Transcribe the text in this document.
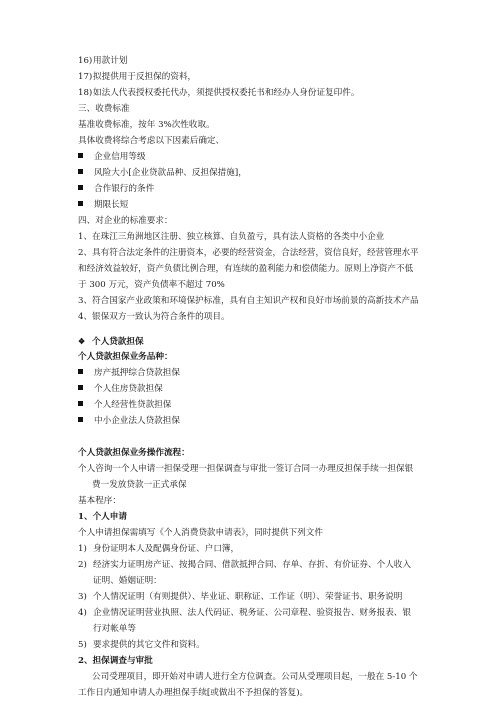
16)用款计划
17)拟提供用于反担保的资料，
18)如法人代表授权委托代办，须提供授权委托书和经办人身份证复印件。
三、收费标准
基准收费标准，按年 3%次性收取。
具体收费将综合考虑以下因素后确定、
企业信用等级
风险大小[企业贷款品种、反担保措施]，
合作银行的条件
期限长短
四、对企业的标准要求：
1、在珠江三角洲地区注册、独立核算、自负盈亏，具有法人资格的各类中小企业
2、具有符合法定条件的注册资本，必要的经营资金，合法经营，资信良好，经营管理水平
和经济效益较好，资产负债比例合理，有连续的盈利能力和偿债能力。原则上净资产不低
于 300 万元，资产负债率不超过 70%
3、符合国家产业政策和环境保护标准，具有自主知识产权和良好市场前景的高新技术产品
4、银保双方一致认为符合条件的项目。
❖ 个人贷款担保
个人贷款担保业务品种：
房产抵押综合贷款担保
个人住房贷款担保
个人经营性贷款担保
中小企业法人贷款担保
个人贷款担保业务操作流程：
个人咨询一个人申请一担保受理一担保调查与审批一签订合同一办理反担保手续一担保银
费一发放贷款一正式承保
基本程序：
1、个人申请
个人申请担保需填写《个人消费贷款申请表》，同时提供下列文件
1) 身份证明本人及配偶身份证、户口簿，
2) 经济实力证明房产证、按揭合同、借款抵押合同、存单、存折、有价证券、个人收入
证明、婚姻证明：
3) 个人情况证明（有则提供）、毕业证、职称证、工作证（明）、荣誉证书、职务说明
4) 企业情况证明营业执照、法人代码证、税务证、公司章程、验资报告、财务报表、银
行对帐单等
5) 要求提供的其它文件和资料。
2、担保调查与审批
公司受理项目，即开始对申请人进行全方位调查。公司从受理项目起，一般在 5-10 个
工作日内通知申请人办理担保手续[或做出不予担保的答复)。
